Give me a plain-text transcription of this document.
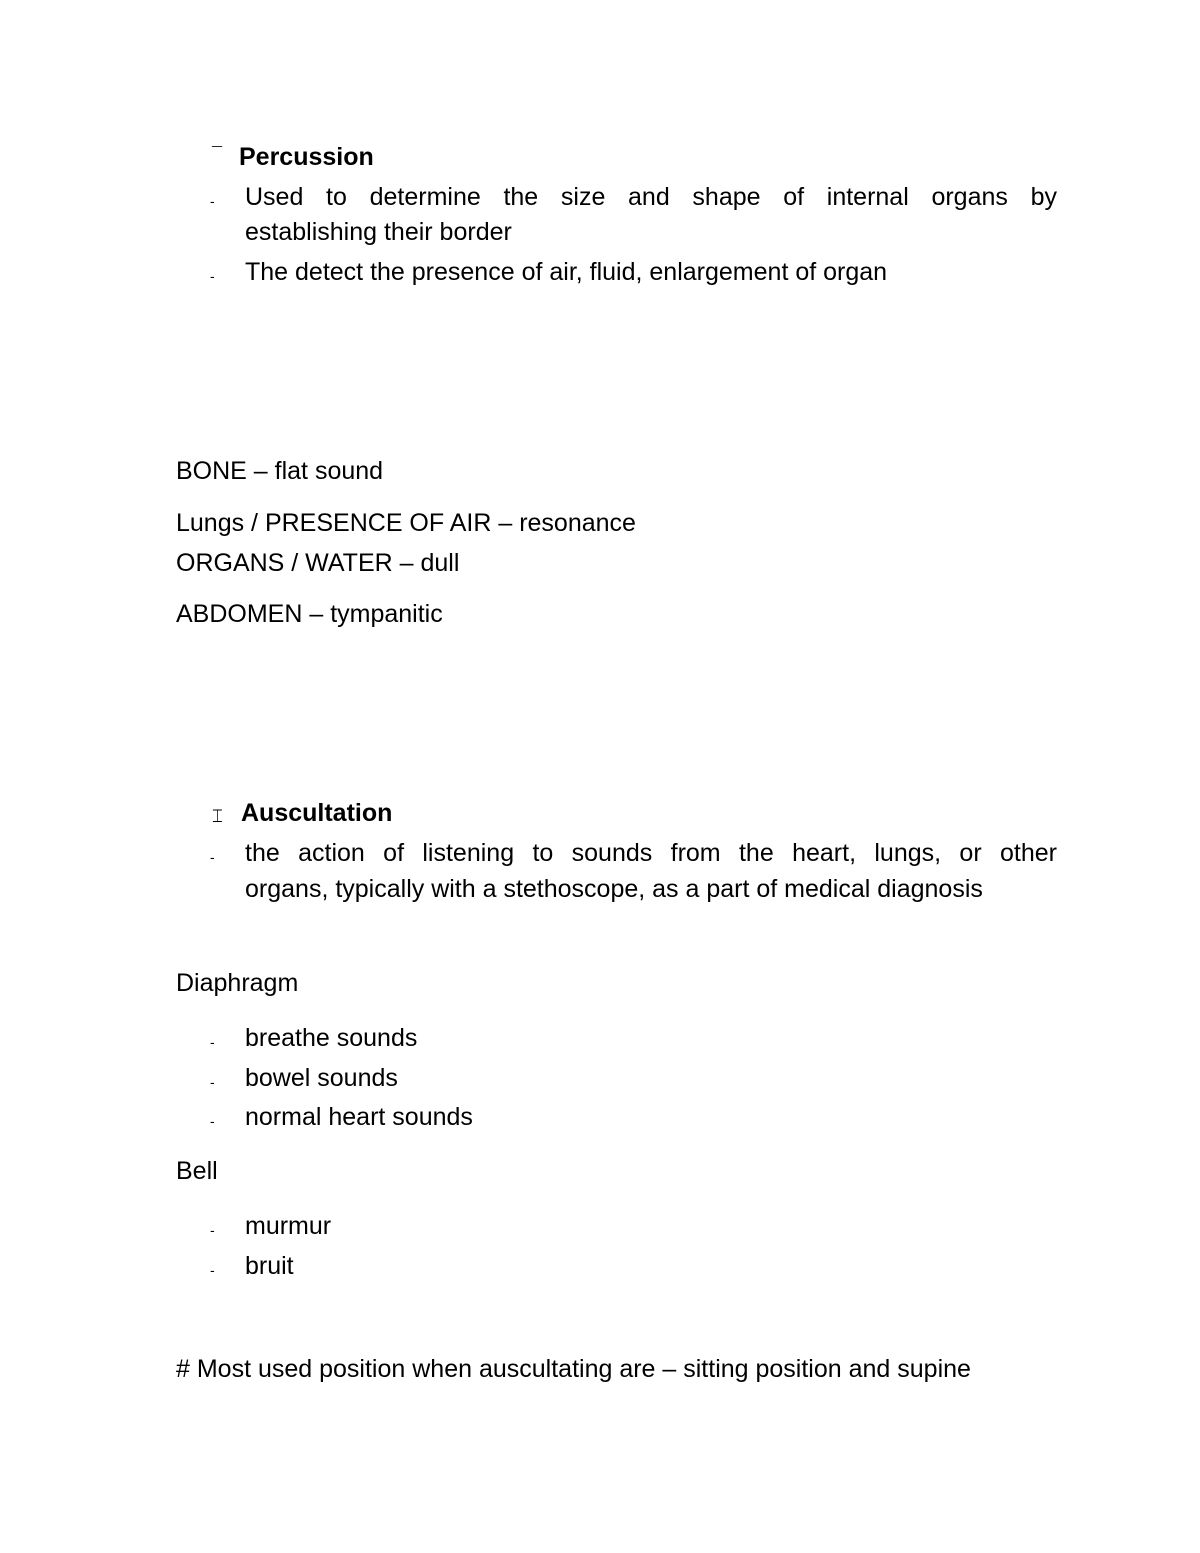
¯ Percussion
- Used to determine the size and shape of internal organs by
establishing their border
- The detect the presence of air, fluid, enlargement of organ
BONE – flat sound
Lungs / PRESENCE OF AIR – resonance
ORGANS / WATER – dull
ABDOMEN – tympanitic
⌶ Auscultation
- the action of listening to sounds from the heart, lungs, or other
organs, typically with a stethoscope, as a part of medical diagnosis
Diaphragm
- breathe sounds
- bowel sounds
- normal heart sounds
Bell
- murmur
- bruit
# Most used position when auscultating are – sitting position and supine
